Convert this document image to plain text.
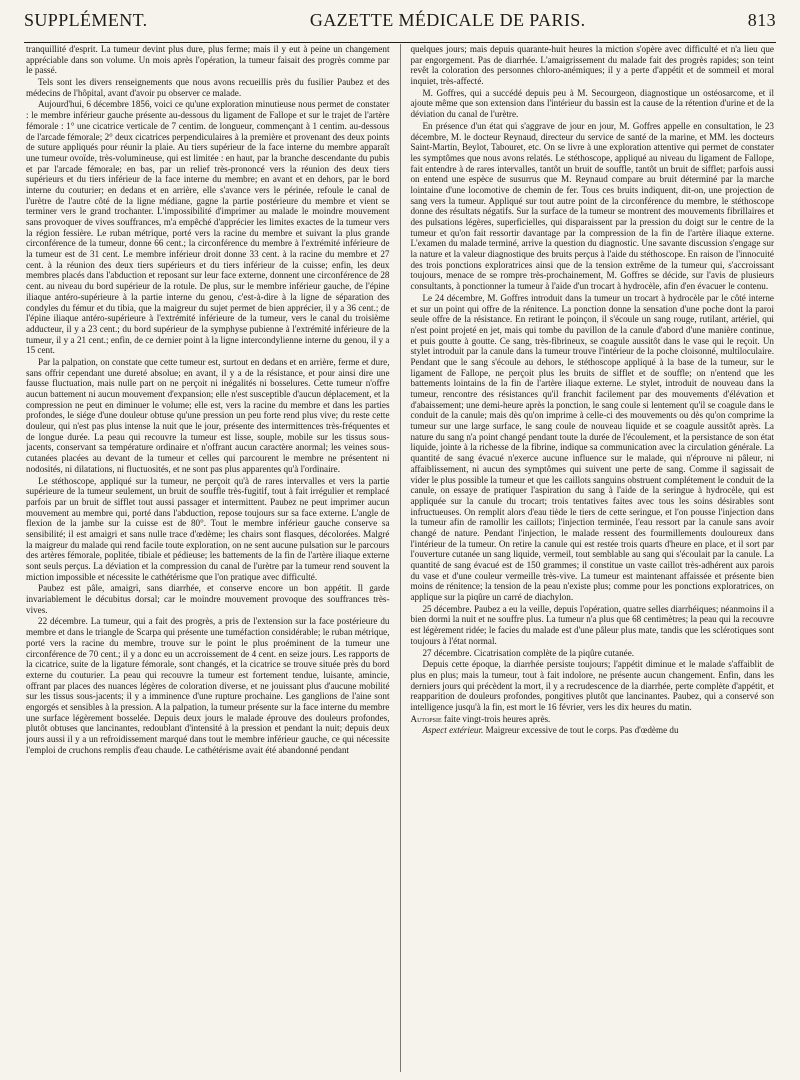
SUPPLÉMENT.	GAZETTE MÉDICALE DE PARIS.	813

tranquillité d'esprit. La tumeur devint plus dure, plus ferme; mais il y eut à peine un changement appréciable dans son volume. Un mois après l'opération, la tumeur faisait des progrès comme par le passé.

Tels sont les divers renseignements que nous avons recueillis près du fusilier Paubez et des médecins de l'hôpital, avant d'avoir pu observer ce malade.

Aujourd'hui, 6 décembre 1856, voici ce qu'une exploration minutieuse nous permet de constater : le membre inférieur gauche présente au-dessous du ligament de Fallope et sur le trajet de l'artère fémorale : 1° une cicatrice verticale de 7 centim. de longueur, commençant à 1 centim. au-dessous de l'arcade fémorale; 2° deux cicatrices perpendiculaires à la première et provenant des deux points de suture appliqués pour réunir la plaie. Au tiers supérieur de la face interne du membre apparaît une tumeur ovoïde, très-volumineuse, qui est limitée : en haut, par la branche descendante du pubis et par l'arcade fémorale; en bas, par un relief très-prononcé vers la réunion des deux tiers supérieurs et du tiers inférieur de la face interne du membre; en avant et en dehors, par le bord interne du couturier; en dedans et en arrière, elle s'avance vers le périnée, refoule le canal de l'urètre de l'autre côté de la ligne médiane, gagne la partie postérieure du membre et vient se terminer vers le grand trochanter. L'impossibilité d'imprimer au malade le moindre mouvement sans provoquer de vives souffrances, m'a empêché d'apprécier les limites exactes de la tumeur vers la région fessière. Le ruban métrique, porté vers la racine du membre et suivant la plus grande circonférence de la tumeur, donne 66 cent.; la circonférence du membre à l'extrémité inférieure de la tumeur est de 31 cent. Le membre inférieur droit donne 33 cent. à la racine du membre et 27 cent. à la réunion des deux tiers supérieurs et du tiers inférieur de la cuisse; enfin, les deux membres placés dans l'abduction et reposant sur leur face externe, donnent une circonférence de 28 cent. au niveau du bord supérieur de la rotule. De plus, sur le membre inférieur gauche, de l'épine iliaque antéro-supérieure à la partie interne du genou, c'est-à-dire à la ligne de séparation des condyles du fémur et du tibia, que la maigreur du sujet permet de bien apprécier, il y a 36 cent.; de l'épine iliaque antéro-supérieure à l'extrémité inférieure de la tumeur, vers le canal du troisième adducteur, il y a 23 cent.; du bord supérieur de la symphyse pubienne à l'extrémité inférieure de la tumeur, il y a 21 cent.; enfin, de ce dernier point à la ligne intercondylienne interne du genou, il y a 15 cent.

Par la palpation, on constate que cette tumeur est, surtout en dedans et en arrière, ferme et dure, sans offrir cependant une dureté absolue; en avant, il y a de la résistance, et pour ainsi dire une fausse fluctuation, mais nulle part on ne perçoit ni inégalités ni bosselures. Cette tumeur n'offre aucun battement ni aucun mouvement d'expansion; elle n'est susceptible d'aucun déplacement, et la compression ne peut en diminuer le volume; elle est, vers la racine du membre et dans les parties profondes, le siége d'une douleur obtuse qu'une pression un peu forte rend plus vive; du reste cette douleur, qui n'est pas plus intense la nuit que le jour, présente des intermittences très-fréquentes et de longue durée. La peau qui recouvre la tumeur est lisse, souple, mobile sur les tissus sous-jacents, conservant sa température ordinaire et n'offrant aucun caractère anormal; les veines sous-cutanées placées au devant de la tumeur et celles qui parcourent le membre ne présentent ni nodosités, ni dilatations, ni fluctuosités, et ne sont pas plus apparentes qu'à l'ordinaire.

Le stéthoscope, appliqué sur la tumeur, ne perçoit qu'à de rares intervalles et vers la partie supérieure de la tumeur seulement, un bruit de souffle très-fugitif, tout à fait irrégulier et remplacé parfois par un bruit de sifflet tout aussi passager et intermittent. Paubez ne peut imprimer aucun mouvement au membre qui, porté dans l'abduction, repose toujours sur sa face externe. L'angle de flexion de la jambe sur la cuisse est de 80°. Tout le membre inférieur gauche conserve sa sensibilité; il est amaigri et sans nulle trace d'œdème; les chairs sont flasques, décolorées. Malgré la maigreur du malade qui rend facile toute exploration, on ne sent aucune pulsation sur le parcours des artères fémorale, poplitée, tibiale et pédieuse; les battements de la fin de l'artère iliaque externe sont seuls perçus. La déviation et la compression du canal de l'urètre par la tumeur rend souvent la miction impossible et nécessite le cathétérisme que l'on pratique avec difficulté.

Paubez est pâle, amaigri, sans diarrhée, et conserve encore un bon appétit. Il garde invariablement le décubitus dorsal; car le moindre mouvement provoque des souffrances très-vives.

22 décembre. La tumeur, qui a fait des progrès, a pris de l'extension sur la face postérieure du membre et dans le triangle de Scarpa qui présente une tuméfaction considérable; le ruban métrique, porté vers la racine du membre, trouve sur le point le plus proéminent de la tumeur une circonférence de 70 cent.; il y a donc eu un accroissement de 4 cent. en seize jours. Les rapports de la cicatrice, suite de la ligature fémorale, sont changés, et la cicatrice se trouve située près du bord externe du couturier. La peau qui recouvre la tumeur est fortement tendue, luisante, amincie, offrant par places des nuances légères de coloration diverse, et ne jouissant plus d'aucune mobilité sur les tissus sous-jacents; il y a imminence d'une rupture prochaine. Les ganglions de l'aine sont engorgés et sensibles à la pression. A la palpation, la tumeur présente sur la face interne du membre une surface légèrement bosselée. Depuis deux jours le malade éprouve des douleurs profondes, plutôt obtuses que lancinantes, redoublant d'intensité à la pression et pendant la nuit; depuis deux jours aussi il y a un refroidissement marqué dans tout le membre inférieur gauche, ce qui nécessite l'emploi de cruchons remplis d'eau chaude. Le cathétérisme avait été abandonné pendant

quelques jours; mais depuis quarante-huit heures la miction s'opère avec difficulté et n'a lieu que par engorgement. Pas de diarrhée. L'amaigrissement du malade fait des progrès rapides; son teint revêt la coloration des personnes chloro-anémiques; il y a perte d'appétit et de sommeil et moral inquiet, très-affecté.

M. Goffres, qui a succédé depuis peu à M. Secourgeon, diagnostique un ostéosarcome, et il ajoute même que son extension dans l'intérieur du bassin est la cause de la rétention d'urine et de la déviation du canal de l'urètre.

En présence d'un état qui s'aggrave de jour en jour, M. Goffres appelle en consultation, le 23 décembre, M. le docteur Reynaud, directeur du service de santé de la marine, et MM. les docteurs Saint-Martin, Beylot, Tabouret, etc. On se livre à une exploration attentive qui permet de constater les symptômes que nous avons relatés. Le stéthoscope, appliqué au niveau du ligament de Fallope, fait entendre à de rares intervalles, tantôt un bruit de souffle, tantôt un bruit de sifflet; parfois aussi on entend une espèce de susurrus que M. Reynaud compare au bruit déterminé par la marche lointaine d'une locomotive de chemin de fer. Tous ces bruits indiquent, dit-on, une projection de sang vers la tumeur. Appliqué sur tout autre point de la circonférence du membre, le stéthoscope donne des résultats négatifs. Sur la surface de la tumeur se montrent des mouvements fibrillaires et des pulsations légères, superficielles, qui disparaissent par la pression du doigt sur le centre de la tumeur et qu'on fait ressortir davantage par la compression de la fin de l'artère iliaque externe. L'examen du malade terminé, arrive la question du diagnostic. Une savante discussion s'engage sur la nature et la valeur diagnostique des bruits perçus à l'aide du stéthoscope. En raison de l'innocuité des trois ponctions exploratrices ainsi que de la tension extrême de la tumeur qui, s'accroissant toujours, menace de se rompre très-prochainement, M. Goffres se décide, sur l'avis de plusieurs consultants, à ponctionner la tumeur à l'aide d'un trocart à hydrocèle, afin d'en évacuer le contenu.

Le 24 décembre, M. Goffres introduit dans la tumeur un trocart à hydrocèle par le côté interne et sur un point qui offre de la rénitence. La ponction donne la sensation d'une poche dont la paroi seule offre de la résistance. En retirant le poinçon, il s'écoule un sang rouge, rutilant, artériel, qui n'est point projeté en jet, mais qui tombe du pavillon de la canule d'abord d'une manière continue, et puis goutte à goutte. Ce sang, très-fibrineux, se coagule aussitôt dans le vase qui le reçoit. Un stylet introduit par la canule dans la tumeur trouve l'intérieur de la poche cloisonné, multiloculaire. Pendant que le sang s'écoule au dehors, le stéthoscope appliqué à la base de la tumeur, sur le ligament de Fallope, ne perçoit plus les bruits de sifflet et de souffle; on n'entend que les battements lointains de la fin de l'artère iliaque externe. Le stylet, introduit de nouveau dans la tumeur, rencontre des résistances qu'il franchit facilement par des mouvements d'élévation et d'abaissement; une demi-heure après la ponction, le sang coule si lentement qu'il se coagule dans le conduit de la canule; mais dès qu'on imprime à celle-ci des mouvements ou dès qu'on comprime la tumeur sur une large surface, le sang coule de nouveau liquide et se coagule aussitôt après. La nature du sang n'a point changé pendant toute la durée de l'écoulement, et la persistance de son état liquide, jointe à la richesse de la fibrine, indique sa communication avec la circulation générale. La quantité de sang évacué n'exerce aucune influence sur le malade, qui n'éprouve ni pâleur, ni affaiblissement, ni aucun des symptômes qui suivent une perte de sang. Comme il sagissait de vider le plus possible la tumeur et que les caillots sanguins obstruent complétement le conduit de la canule, on essaye de pratiquer l'aspiration du sang à l'aide de la seringue à hydrocèle, qui est appliquée sur la canule du trocart; trois tentatives faites avec tous les soins désirables sont infructueuses. On remplit alors d'eau tiède le tiers de cette seringue, et l'on pousse l'injection dans la tumeur afin de ramollir les caillots; l'injection terminée, l'eau ressort par la canule sans avoir changé de nature. Pendant l'injection, le malade ressent des fourmillements douloureux dans l'intérieur de la tumeur. On retire la canule qui est restée trois quarts d'heure en place, et il sort par l'ouverture cutanée un sang liquide, vermeil, tout semblable au sang qui s'écoulait par la canule. La quantité de sang évacué est de 150 grammes; il constitue un vaste caillot très-adhérent aux parois du vase et d'une couleur vermeille très-vive. La tumeur est maintenant affaissée et présente bien moins de rénitence; la tension de la peau n'existe plus; comme pour les ponctions exploratrices, on applique sur la piqûre un carré de diachylon.

25 décembre. Paubez a eu la veille, depuis l'opération, quatre selles diarrhéiques; néanmoins il a bien dormi la nuit et ne souffre plus. La tumeur n'a plus que 68 centimètres; la peau qui la recouvre est légèrement ridée; le facies du malade est d'une pâleur plus mate, tandis que les sclérotiques sont toujours à l'état normal.

27 décembre. Cicatrisation complète de la piqûre cutanée.

Depuis cette époque, la diarrhée persiste toujours; l'appétit diminue et le malade s'affaiblit de plus en plus; mais la tumeur, tout à fait indolore, ne présente aucun changement. Enfin, dans les derniers jours qui précèdent la mort, il y a recrudescence de la diarrhée, perte complète d'appétit, et reapparition de douleurs profondes, pongitives plutôt que lancinantes. Paubez, qui a conservé son intelligence jusqu'à la fin, est mort le 16 février, vers les dix heures du matin.

Autopsie faite vingt-trois heures après.

Aspect extérieur. Maigreur excessive de tout le corps. Pas d'œdème du
